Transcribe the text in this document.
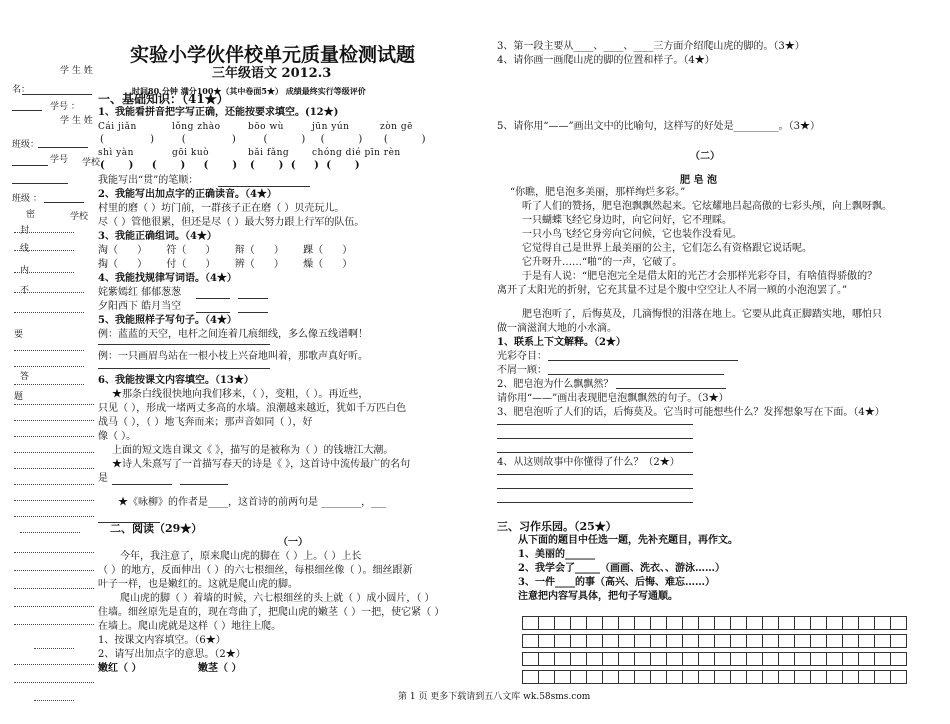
实验小学伙伴校单元质量检测试题
三年级语文 2012.3
时间80 分钟 满分100★（其中卷面5★） 成绩最终实行等级评价
学 生 姓
名：
学号 ：
学 生 姓
班级：
学号 学校
班级 ：
密	学校
封
线
内
不
要
答
题
一、基础知识：（41★）
1、我能看拼音把字写正确，还能按要求填空。(12★)
Cái jiǎn	lǒng zhào	bōo wù	jūn yún	zòn gē
(       )    (       )    (     )  (     )   (     )
shì yàn	gōi kuò	bǎi fǎng	chóng dié pīn rèn
(    )   (    )   (    )  (    ) (   ) (    )
我能写出“贯”的笔顺：
2、我能写出加点字的正确读音。（4★）
村里的磨（ ）坊门前，一群孩子正在磨（ ）贝壳玩儿。
尽（ ）管他很累，但还是尽（ ）最大努力跟上行军的队伍。
3、我能正确组词。（4★）
淘（ ） 符（ ） 辩（ ） 踝（ ）
掏（ ） 付（ ） 辨（ ） 燥（ ）
4、我能找规律写词语。（4★）
姹紫嫣红 郁郁葱葱
夕阳西下 皓月当空
5、我能照样子写句子。（4★）
例：蓝蓝的天空，电杆之间连着几痕细线，多么像五线谱啊！
例：一只画眉鸟站在一根小枝上兴奋地叫着，那歌声真好听。
6、我能按课文内容填空。（13★）
★那条白线很快地向我们移来，（ ），变粗，（ ）。再近些，
只见（ ），形成一堵两丈多高的水墙。浪潮越来越近，犹如千万匹白色
战马（ ），（ ）地飞奔而来；那声音如同（ ），好
像（ ）。
上面的短文选自课文《 》，描写的是被称为（ ）的钱塘江大潮。
★诗人朱熹写了一首描写春天的诗是《 》，这首诗中流传最广的名句
是
★《咏柳》的作者是____，这首诗的前两句是 ________，___
二、阅读（29★）
（一）
今年，我注意了，原来爬山虎的脚在（ ）上。（ ）上长
（ ）的地方，反面伸出（ ）的六七根细丝，每根细丝像（ ）。细丝跟新
叶子一样，也是嫩红的。这就是爬山虎的脚。
爬山虎的脚（ ）着墙的时候，六七根细丝的头上就（ ）成小圆片，（ ）
住墙。细丝原先是直的，现在弯曲了，把爬山虎的嫩茎（ ）一把，使它紧（ ）
在墙上。爬山虎就是这样（ ）地往上爬。
1、按课文内容填空。（6★）
2、请写出加点字的意思。（2★）
嫩红（ ）	嫩茎（ ）
3、第一段主要从____、____、____三方面介绍爬山虎的脚的。（3★）
4、请你画一画爬山虎的脚的位置和样子。（4★）
5、请你用“——”画出文中的比喻句，这样写的好处是_________。（3★）
（二）
肥 皂 泡
“你瞧，肥皂泡多美丽，那样绚烂多彩。”
听了人们的赞扬，肥皂泡飘飘然起来。它炫耀地吕起高傲的七彩头颅，向上飘呀飘。
一只蝴蝶飞经它身边时，向它问好，它不理睬。
一只小鸟飞经它身旁向它问候，它也装作没看见。
它觉得自己是世界上最美丽的公主，它们怎么有资格跟它说话呢。
它升呀升……“啪”的一声，它破了。
于是有人说：“肥皂泡完全是借太阳的光芒才会那样光彩夺目，有啥值得骄傲的？
离开了太阳光的折射，它充其量不过是个腹中空空让人不屑一顾的小泡泡罢了。”
肥皂泡听了，后悔莫及，几滴悔恨的泪落在地上。它要从此真正脚踏实地，哪怕只
做一滴滋润大地的小水滴。
1、联系上下文解释。（2★）
光彩夺目：
不屑一顾：
2、肥皂泡为什么飘飘然？
请你用“——”画出表现肥皂泡飘飘然的句子。（3★）
3、肥皂泡听了人们的话，后悔莫及。它当时可能想些什么？发挥想象写在下面。（4★）
4、从这则故事中你懂得了什么？（2★）
三、习作乐园。（25★）
从下面的题目中任选一题，先补充题目，再作文。
1、美丽的______
2、我学会了_____（画画、洗衣、、游泳……）
3、一件____的事（高兴、后悔、难忘……）
注意把内容写具体，把句子写通顺。
第 1 页 更多下载请到五八文库 wk.58sms.com
